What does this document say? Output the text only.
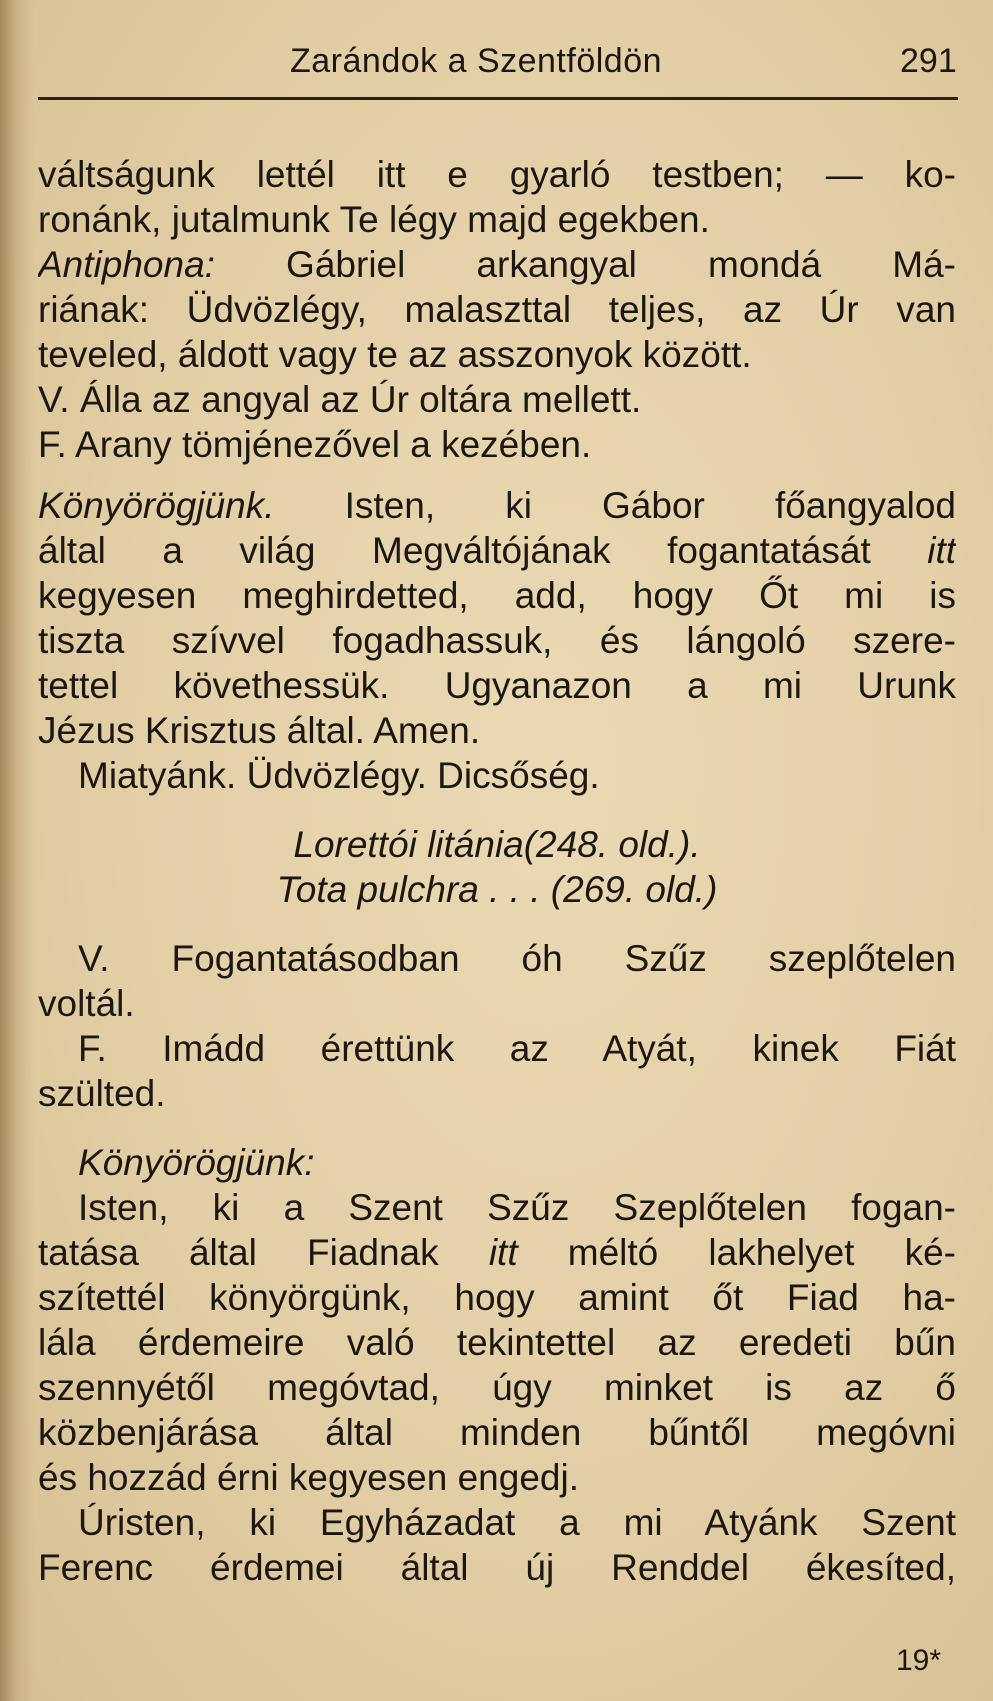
Zarándok a Szentföldön	291
váltságunk lettél itt e gyarló testben; — ko-
ronánk, jutalmunk Te légy majd egekben.
Antiphona: Gábriel arkangyal mondá Má-
riának: Üdvözlégy, malaszttal teljes, az Úr van
teveled, áldott vagy te az asszonyok között.
V. Álla az angyal az Úr oltára mellett.
F. Arany tömjénezővel a kezében.
Könyörögjünk. Isten, ki Gábor főangyalod
által a világ Megváltójának fogantatását itt
kegyesen meghirdetted, add, hogy Őt mi is
tiszta szívvel fogadhassuk, és lángoló szere-
tettel követhessük. Ugyanazon a mi Urunk
Jézus Krisztus által. Amen.
Miatyánk. Üdvözlégy. Dicsőség.
Lorettói litánia(248. old.).
Tota pulchra . . . (269. old.)
V. Fogantatásodban óh Szűz szeplőtelen
voltál.
F. Imádd érettünk az Atyát, kinek Fiát
szülted.
Könyörögjünk:
Isten, ki a Szent Szűz Szeplőtelen fogan-
tatása által Fiadnak itt méltó lakhelyet ké-
szítettél könyörgünk, hogy amint őt Fiad ha-
lála érdemeire való tekintettel az eredeti bűn
szennyétől megóvtad, úgy minket is az ő
közbenjárása által minden bűntől megóvni
és hozzád érni kegyesen engedj.
Úristen, ki Egyházadat a mi Atyánk Szent
Ferenc érdemei által új Renddel ékesíted,
19*
